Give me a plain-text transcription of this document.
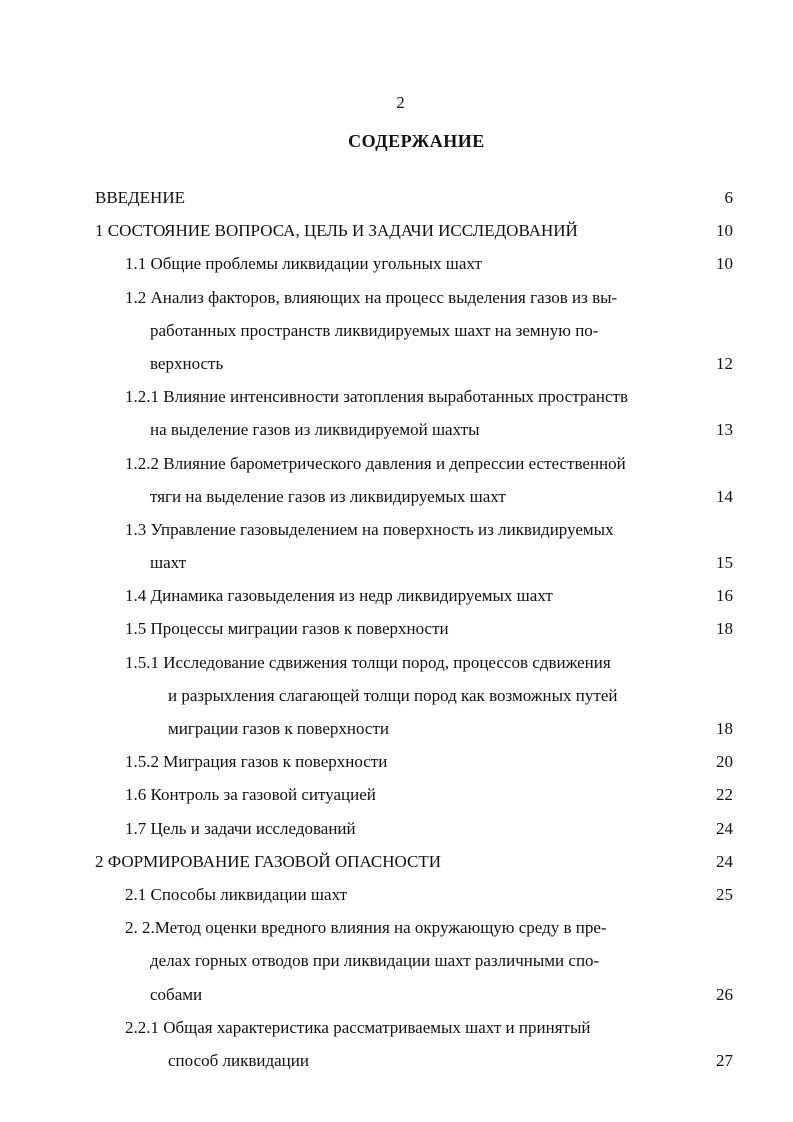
2
СОДЕРЖАНИЕ
ВВЕДЕНИЕ	6
1 СОСТОЯНИЕ ВОПРОСА, ЦЕЛЬ И ЗАДАЧИ ИССЛЕДОВАНИЙ	10
1.1 Общие проблемы ликвидации угольных шахт	10
1.2 Анализ факторов, влияющих на процесс выделения газов из вы-
работанных пространств ликвидируемых шахт на земную по-
верхность	12
1.2.1 Влияние интенсивности затопления выработанных пространств
на выделение газов из ликвидируемой шахты	13
1.2.2 Влияние барометрического давления и депрессии естественной
тяги на выделение газов из ликвидируемых шахт	14
1.3 Управление газовыделением на поверхность из ликвидируемых
шахт	15
1.4 Динамика газовыделения из недр ликвидируемых шахт	16
1.5 Процессы миграции газов к поверхности	18
1.5.1 Исследование сдвижения толщи пород, процессов сдвижения
и разрыхления слагающей толщи пород как возможных путей
миграции газов к поверхности	18
1.5.2 Миграция газов к поверхности	20
1.6 Контроль за газовой ситуацией	22
1.7 Цель и задачи исследований	24
2 ФОРМИРОВАНИЕ ГАЗОВОЙ ОПАСНОСТИ	24
2.1 Способы ликвидации шахт	25
2. 2.Метод оценки вредного влияния на окружающую среду в пре-
делах горных отводов при ликвидации шахт различными спо-
собами	26
2.2.1 Общая характеристика рассматриваемых шахт и принятый
способ ликвидации	27
